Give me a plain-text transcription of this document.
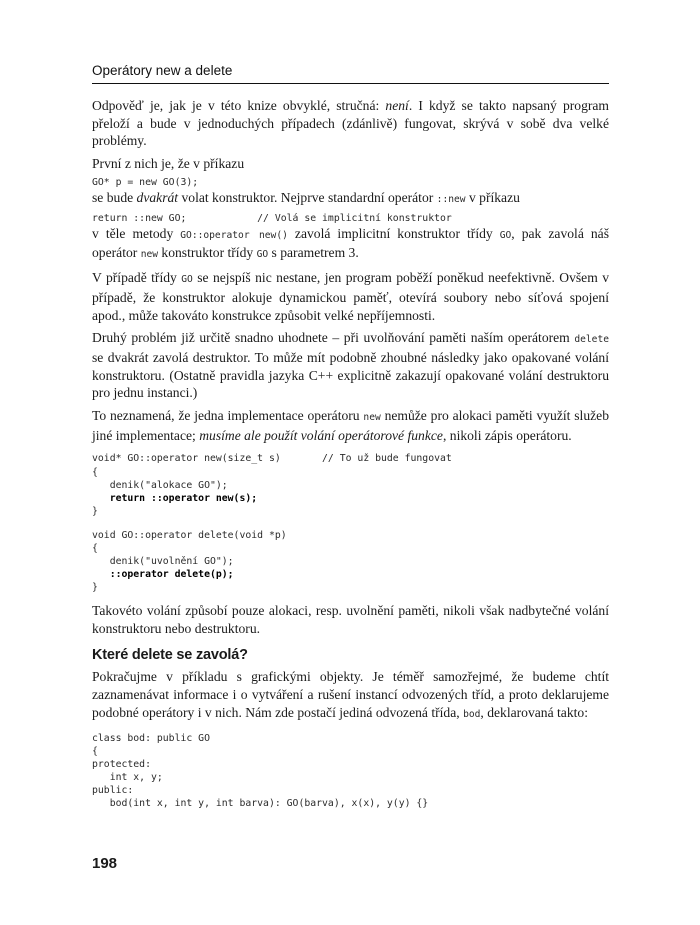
Operátory new a delete

Odpověď je, jak je v této knize obvyklé, stručná: není. I když se takto napsaný program přeloží a bude v jednoduchých případech (zdánlivě) fungovat, skrývá v sobě dva velké problémy.

První z nich je, že v příkazu

GO* p = new GO(3);

se bude dvakrát volat konstruktor. Nejprve standardní operátor ::new v příkazu

return ::new GO;            // Volá se implicitní konstruktor

v těle metody GO::operator new() zavolá implicitní konstruktor třídy GO, pak zavolá náš operátor new konstruktor třídy GO s parametrem 3.

V případě třídy GO se nejspíš nic nestane, jen program poběží poněkud neefektivně. Ovšem v případě, že konstruktor alokuje dynamickou paměť, otevírá soubory nebo síťová spojení apod., může takováto konstrukce způsobit velké nepříjemnosti.

Druhý problém již určitě snadno uhodnete – při uvolňování paměti naším operátorem delete se dvakrát zavolá destruktor. To může mít podobně zhoubné následky jako opakované volání konstruktoru. (Ostatně pravidla jazyka C++ explicitně zakazují opakované volání destruktoru pro jednu instanci.)

To neznamená, že jedna implementace operátoru new nemůže pro alokaci paměti využít služeb jiné implementace; musíme ale použít volání operátorové funkce, nikoli zápis operátoru.

void* GO::operator new(size_t s)       // To už bude fungovat
{
denik("alokace GO");
return ::operator new(s);
}
void GO::operator delete(void *p)
{
denik("uvolnění GO");
::operator delete(p);
}

Takovéto volání způsobí pouze alokaci, resp. uvolnění paměti, nikoli však nadbytečné volání konstruktoru nebo destruktoru.

Které delete se zavolá?

Pokračujme v příkladu s grafickými objekty. Je téměř samozřejmé, že budeme chtít zaznamenávat informace i o vytváření a rušení instancí odvozených tříd, a proto deklarujeme podobné operátory i v nich. Nám zde postačí jediná odvozená třída, bod, deklarovaná takto:

class bod: public GO
{
protected:
int x, y;
public:
bod(int x, int y, int barva): GO(barva), x(x), y(y) {}
198
